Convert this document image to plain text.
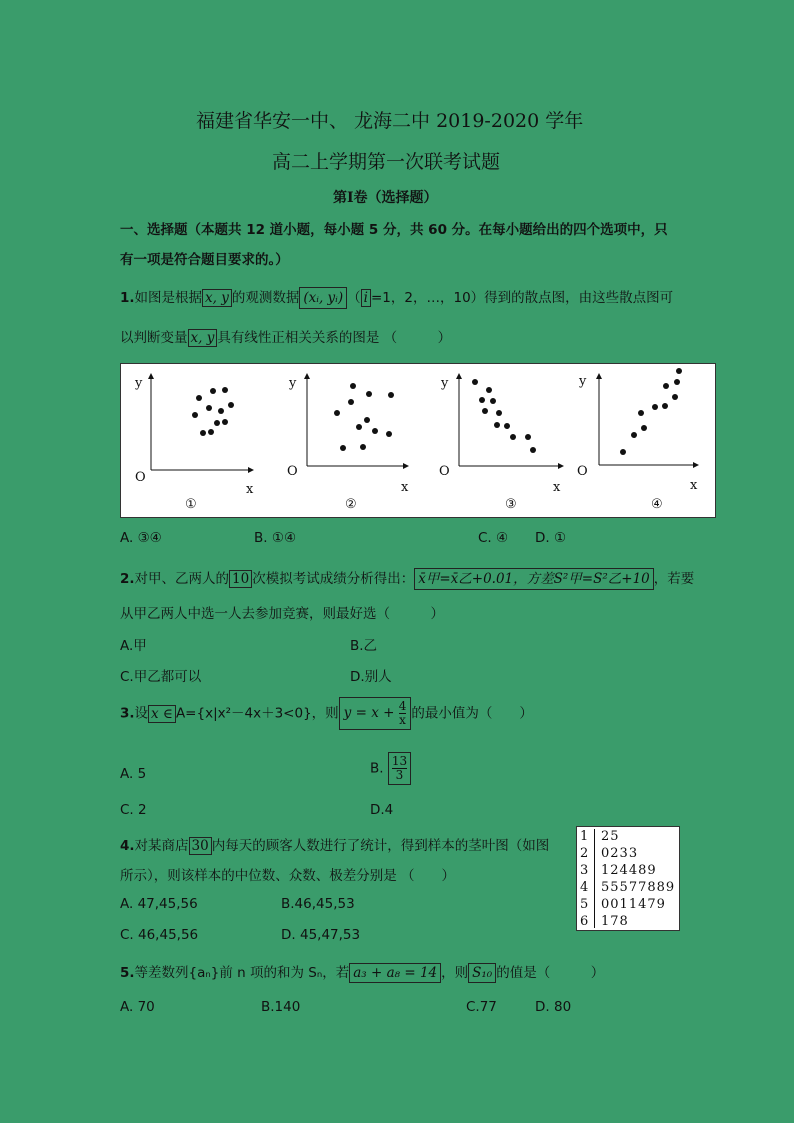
福建省华安一中、 龙海二中 2019-2020 学年
高二上学期第一次联考试题
第Ⅰ卷（选择题）
一、选择题（本题共 12 道小题，每小题 5 分，共 60 分。在每小题给出的四个选项中，只
有一项是符合题目要求的。）
1.如图是根据 x, y 的观测数据 (xᵢ, yᵢ) （ i =1，2，…，10）得到的散点图，由这些散点图可
以判断变量 x, y 具有线性正相关关系的图是 （　　　）
y
O
x
①
y
O
x
②
y
O
x
③
y
O
x
④
A. ③④	B. ①④	C. ④ D. ①
2.对甲、乙两人的 10 次模拟考试成绩分析得出： x̄甲=x̄乙+0.01，方差S²甲=S²乙+10 ，若要
从甲乙两人中选一人去参加竞赛，则最好选（　　　）
A.甲	B.乙
C.甲乙都可以	D.别人
3.设 x ∈ A={x|x²－4x＋3<0}，则 $y = x + \frac{4}{x}$ 的最小值为（　　）
A. 5	B. $\frac{13}{3}$
C. 2	D.4
4.对某商店 30 内每天的顾客人数进行了统计，得到样本的茎叶图（如图
所示），则该样本的中位数、众数、极差分别是 （　　）
A. 47,45,56	B.46,45,53
C. 46,45,56	D. 45,47,53
1 25
2 0233
3 124489
4 55577889
5 0011479
6 178
5.等差数列{aₙ}前 n 项的和为 Sₙ，若 a₃ + a₈ = 14 ，则 S₁₀ 的值是（　　　）
A. 70	B.140	C.77	D. 80
